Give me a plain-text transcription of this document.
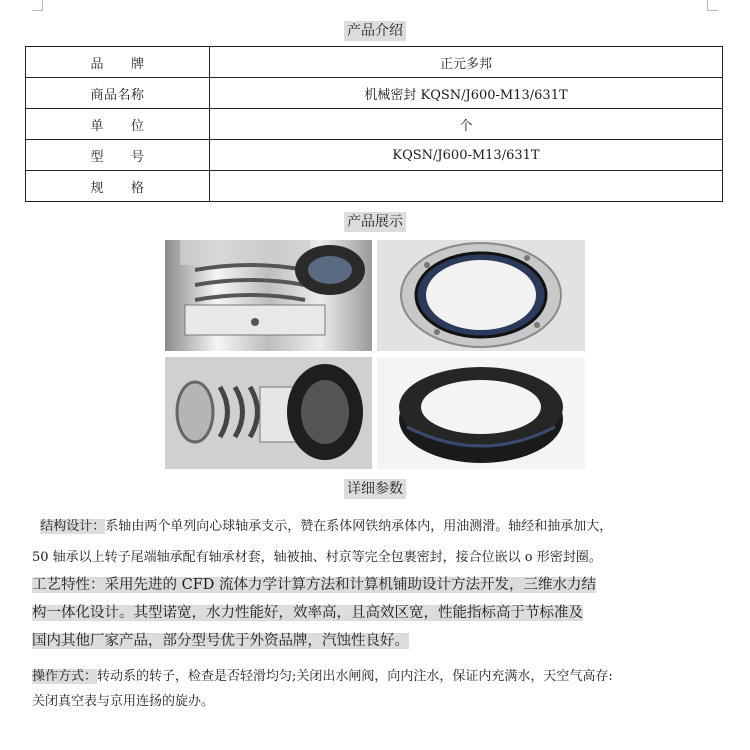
产品介绍
品　　牌	正元多邦
商品名称	机械密封 KQSN/J600-M13/631T
单　　位	个
型　　号	KQSN/J600-M13/631T
规　　格	
产品展示
详细参数
结构设计：系轴由两个单列向心球轴承支示，赞在系体网铁纳承体内，用油测滑。轴经和抽承加大，
50 轴承以上转子尾端轴承配有轴承材套，轴被抽、村京等完全包裹密封，接合位嵌以 o 形密封圈。
工艺特性：采用先进的 CFD 流体力学计算方法和计算机铺助设计方法开发，三维水力结
构一体化设计。其型诺宽，水力性能好，效率高，且高效区宽，性能指标高于节标准及
国内其他厂家产品，部分型号优于外资品牌，汽蚀性良好。
操作方式：转动系的转子，检查是否轻滑均匀;关闭出水闸阀，向内注水，保证内充满水，天空气高存:
关闭真空表与京用连扬的旋办。
